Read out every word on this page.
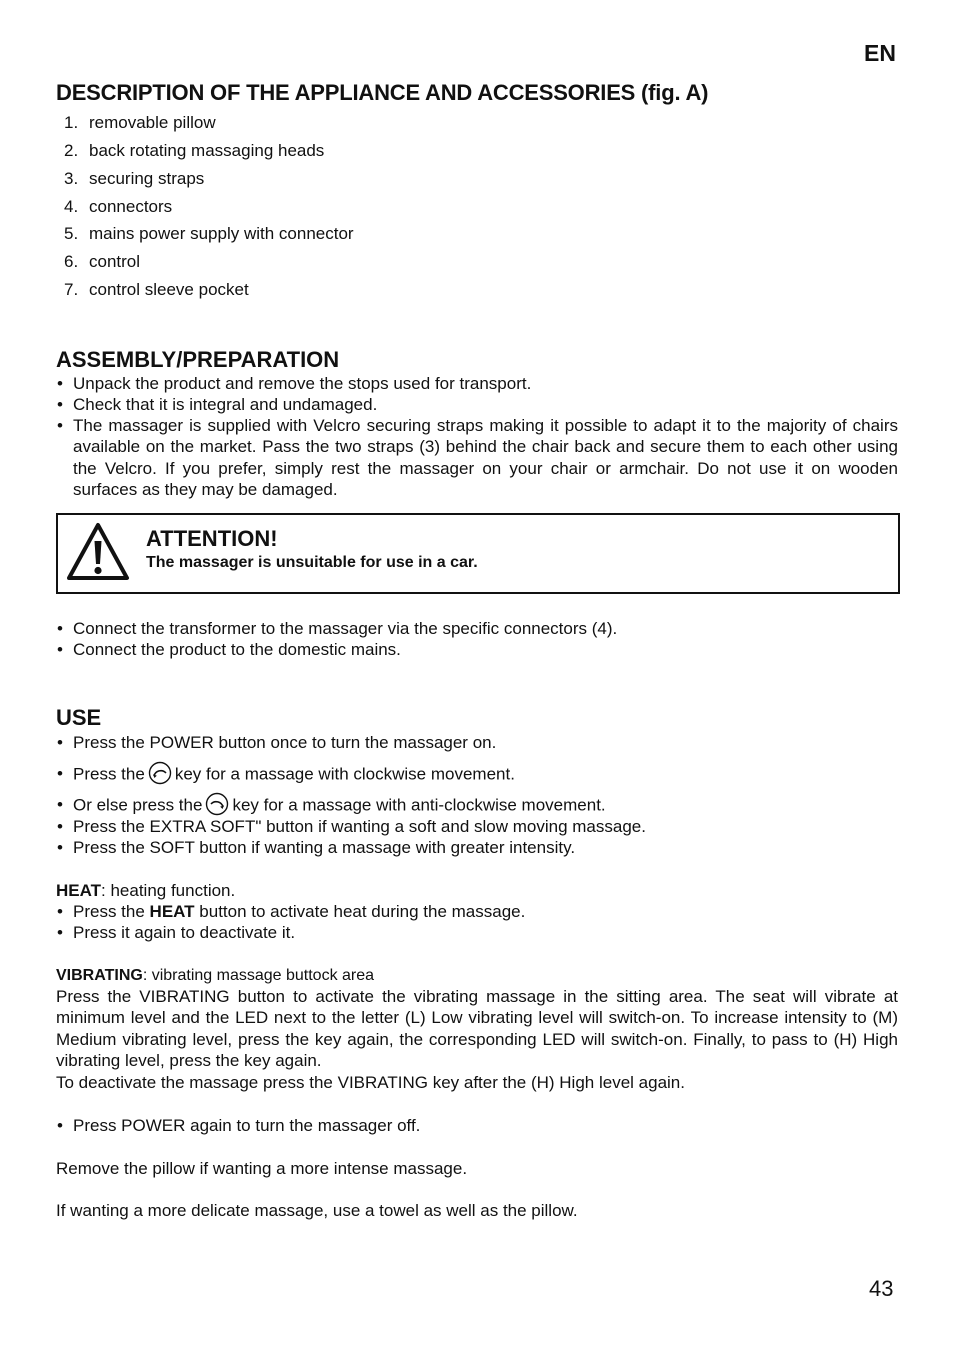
EN
DESCRIPTION OF THE APPLIANCE AND ACCESSORIES (fig. A)
1. removable pillow
2. back rotating massaging heads
3. securing straps
4. connectors
5. mains power supply with connector
6. control
7. control sleeve pocket
ASSEMBLY/PREPARATION
• Unpack the product and remove the stops used for transport.
• Check that it is integral and undamaged.
• The massager is supplied with Velcro securing straps making it possible to adapt it to the majority of chairs available on the market. Pass the two straps (3) behind the chair back and secure them to each other using the Velcro. If you prefer, simply rest the massager on your chair or armchair. Do not use it on wooden surfaces as they may be damaged.
ATTENTION!
The massager is unsuitable for use in a car.
• Connect the transformer to the massager via the specific connectors (4).
• Connect the product to the domestic mains.
USE
• Press the POWER button once to turn the massager on.
• Press the key for a massage with clockwise movement.
• Or else press the key for a massage with anti-clockwise movement.
• Press the EXTRA SOFT" button if wanting a soft and slow moving massage.
• Press the SOFT button if wanting a massage with greater intensity.
HEAT: heating function.
• Press the HEAT button to activate heat during the massage.
• Press it again to deactivate it.
VIBRATING: vibrating massage buttock area
Press the VIBRATING button to activate the vibrating massage in the sitting area. The seat will vibrate at minimum level and the LED next to the letter (L) Low vibrating level will switch-on. To increase intensity to (M) Medium vibrating level, press the key again, the corresponding LED will switch-on. Finally, to pass to (H) High vibrating level, press the key again.
To deactivate the massage press the VIBRATING key after the (H) High level again.
• Press POWER again to turn the massager off.
Remove the pillow if wanting a more intense massage.
If wanting a more delicate massage, use a towel as well as the pillow.
43
